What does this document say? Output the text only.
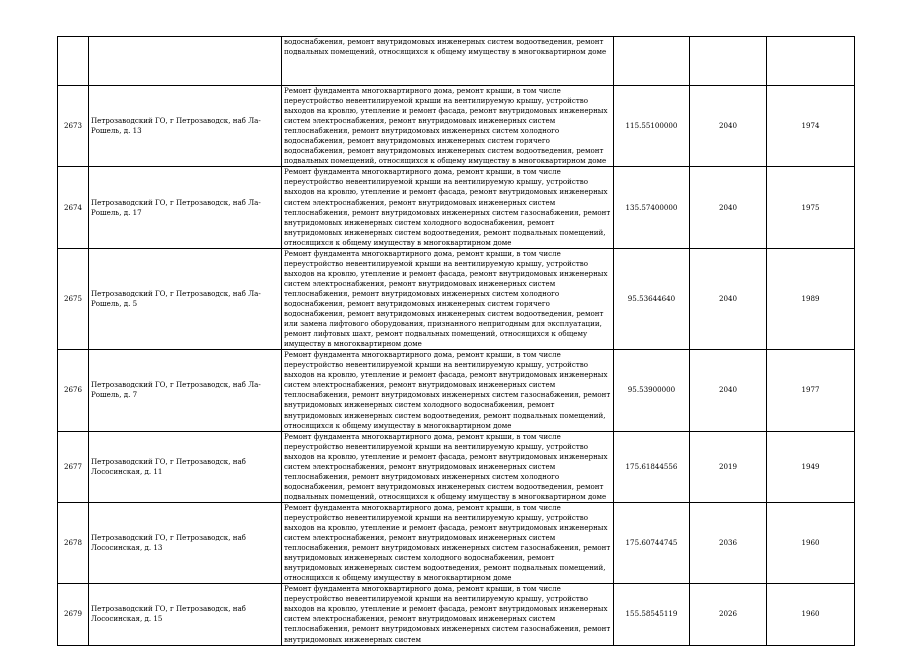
		водоснабжения, ремонт внутридомовых инженерных систем водоотведения, ремонт подвальных помещений, относящихся к общему имуществу в многоквартирном доме			
2673	Петрозаводский ГО, г Петрозаводск, наб Ла-Рошель, д. 13	Ремонт фундамента многоквартирного дома, ремонт крыши, в том числе переустройство невентилируемой крыши на вентилируемую крышу, устройство выходов на кровлю, утепление и ремонт фасада, ремонт внутридомовых инженерных систем электроснабжения, ремонт внутридомовых инженерных систем теплоснабжения, ремонт внутридомовых инженерных систем холодного водоснабжения, ремонт внутридомовых инженерных систем горячего водоснабжения, ремонт внутридомовых инженерных систем водоотведения, ремонт подвальных помещений, относящихся к общему имуществу в многоквартирном доме	115.55100000	2040	1974
2674	Петрозаводский ГО, г Петрозаводск, наб Ла-Рошель, д. 17	Ремонт фундамента многоквартирного дома, ремонт крыши, в том числе переустройство невентилируемой крыши на вентилируемую крышу, устройство выходов на кровлю, утепление и ремонт фасада, ремонт внутридомовых инженерных систем электроснабжения, ремонт внутридомовых инженерных систем теплоснабжения, ремонт внутридомовых инженерных систем газоснабжения, ремонт внутридомовых инженерных систем холодного водоснабжения, ремонт внутридомовых инженерных систем водоотведения, ремонт подвальных помещений, относящихся к общему имуществу в многоквартирном доме	135.57400000	2040	1975
2675	Петрозаводский ГО, г Петрозаводск, наб Ла-Рошель, д. 5	Ремонт фундамента многоквартирного дома, ремонт крыши, в том числе переустройство невентилируемой крыши на вентилируемую крышу, устройство выходов на кровлю, утепление и ремонт фасада, ремонт внутридомовых инженерных систем электроснабжения, ремонт внутридомовых инженерных систем теплоснабжения, ремонт внутридомовых инженерных систем холодного водоснабжения, ремонт внутридомовых инженерных систем горячего водоснабжения, ремонт внутридомовых инженерных систем водоотведения, ремонт или замена лифтового оборудования, признанного непригодным для эксплуатации, ремонт лифтовых шахт, ремонт подвальных помещений, относящихся к общему имуществу в многоквартирном доме	95.53644640	2040	1989
2676	Петрозаводский ГО, г Петрозаводск, наб Ла-Рошель, д. 7	Ремонт фундамента многоквартирного дома, ремонт крыши, в том числе переустройство невентилируемой крыши на вентилируемую крышу, устройство выходов на кровлю, утепление и ремонт фасада, ремонт внутридомовых инженерных систем электроснабжения, ремонт внутридомовых инженерных систем теплоснабжения, ремонт внутридомовых инженерных систем газоснабжения, ремонт внутридомовых инженерных систем холодного водоснабжения, ремонт внутридомовых инженерных систем водоотведения, ремонт подвальных помещений, относящихся к общему имуществу в многоквартирном доме	95.53900000	2040	1977
2677	Петрозаводский ГО, г Петрозаводск, наб Лососинская, д. 11	Ремонт фундамента многоквартирного дома, ремонт крыши, в том числе переустройство невентилируемой крыши на вентилируемую крышу, устройство выходов на кровлю, утепление и ремонт фасада, ремонт внутридомовых инженерных систем электроснабжения, ремонт внутридомовых инженерных систем теплоснабжения, ремонт внутридомовых инженерных систем холодного водоснабжения, ремонт внутридомовых инженерных систем водоотведения, ремонт подвальных помещений, относящихся к общему имуществу в многоквартирном доме	175.61844556	2019	1949
2678	Петрозаводский ГО, г Петрозаводск, наб Лососинская, д. 13	Ремонт фундамента многоквартирного дома, ремонт крыши, в том числе переустройство невентилируемой крыши на вентилируемую крышу, устройство выходов на кровлю, утепление и ремонт фасада, ремонт внутридомовых инженерных систем электроснабжения, ремонт внутридомовых инженерных систем теплоснабжения, ремонт внутридомовых инженерных систем газоснабжения, ремонт внутридомовых инженерных систем холодного водоснабжения, ремонт внутридомовых инженерных систем водоотведения, ремонт подвальных помещений, относящихся к общему имуществу в многоквартирном доме	175.60744745	2036	1960
2679	Петрозаводский ГО, г Петрозаводск, наб Лососинская, д. 15	Ремонт фундамента многоквартирного дома, ремонт крыши, в том числе переустройство невентилируемой крыши на вентилируемую крышу, устройство выходов на кровлю, утепление и ремонт фасада, ремонт внутридомовых инженерных систем электроснабжения, ремонт внутридомовых инженерных систем теплоснабжения, ремонт внутридомовых инженерных систем газоснабжения, ремонт внутридомовых инженерных систем	155.58545119	2026	1960
